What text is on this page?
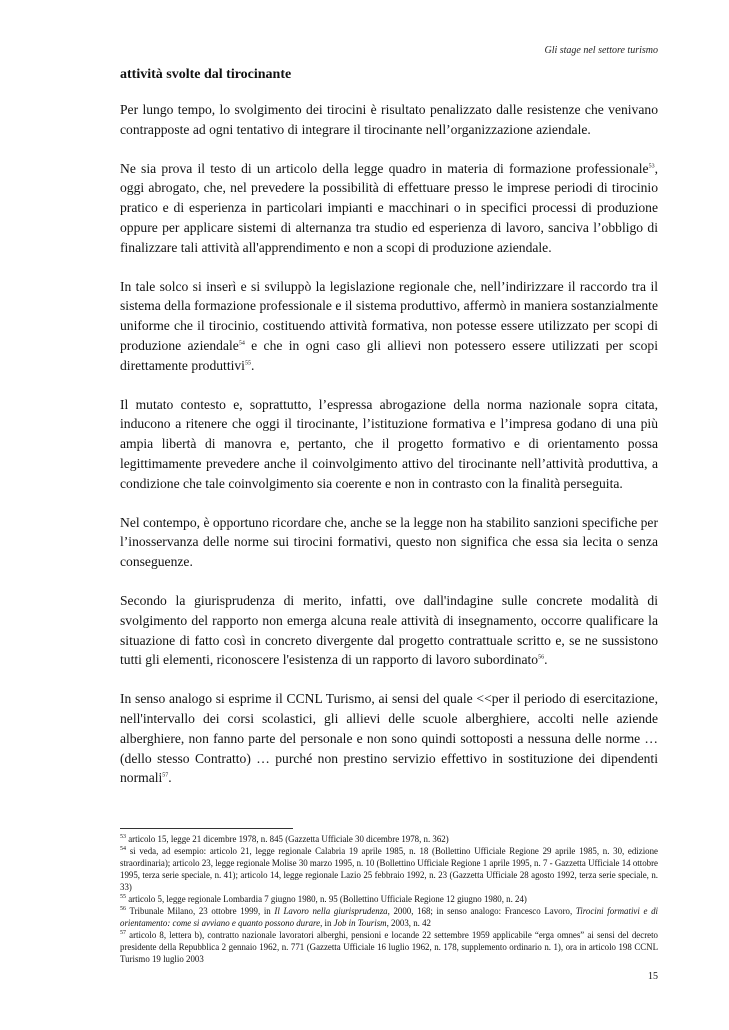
Gli stage nel settore turismo
attività svolte dal tirocinante
Per lungo tempo, lo svolgimento dei tirocini è risultato penalizzato dalle resistenze che venivano contrapposte ad ogni tentativo di integrare il tirocinante nell’organizzazione aziendale.
Ne sia prova il testo di un articolo della legge quadro in materia di formazione professionale$^{53}$, oggi abrogato, che, nel prevedere la possibilità di effettuare presso le imprese periodi di tirocinio pratico e di esperienza in particolari impianti e macchinari o in specifici processi di produzione oppure per applicare sistemi di alternanza tra studio ed esperienza di lavoro, sanciva l’obbligo di finalizzare tali attività all'apprendimento e non a scopi di produzione aziendale.
In tale solco si inserì e si sviluppò la legislazione regionale che, nell’indirizzare il raccordo tra il sistema della formazione professionale e il sistema produttivo, affermò in maniera sostanzialmente uniforme che il tirocinio, costituendo attività formativa, non potesse essere utilizzato per scopi di produzione aziendale$^{54}$ e che in ogni caso gli allievi non potessero essere utilizzati per scopi direttamente produttivi$^{55}$.
Il mutato contesto e, soprattutto, l’espressa abrogazione della norma nazionale sopra citata, inducono a ritenere che oggi il tirocinante, l’istituzione formativa e l’impresa godano di una più ampia libertà di manovra e, pertanto, che il progetto formativo e di orientamento possa legittimamente prevedere anche il coinvolgimento attivo del tirocinante nell’attività produttiva, a condizione che tale coinvolgimento sia coerente e non in contrasto con la finalità perseguita.
Nel contempo, è opportuno ricordare che, anche se la legge non ha stabilito sanzioni specifiche per l’inosservanza delle norme sui tirocini formativi, questo non significa che essa sia lecita o senza conseguenze.
Secondo la giurisprudenza di merito, infatti, ove dall'indagine sulle concrete modalità di svolgimento del rapporto non emerga alcuna reale attività di insegnamento, occorre qualificare la situazione di fatto così in concreto divergente dal progetto contrattuale scritto e, se ne sussistono tutti gli elementi, riconoscere l'esistenza di un rapporto di lavoro subordinato$^{56}$.
In senso analogo si esprime il CCNL Turismo, ai sensi del quale <<per il periodo di esercitazione, nell'intervallo dei corsi scolastici, gli allievi delle scuole alberghiere, accolti nelle aziende alberghiere, non fanno parte del personale e non sono quindi sottoposti a nessuna delle norme … (dello stesso Contratto) … purché non prestino servizio effettivo in sostituzione dei dipendenti normali$^{57}$.
$^{53}$ articolo 15, legge 21 dicembre 1978, n. 845 (Gazzetta Ufficiale 30 dicembre 1978, n. 362)
$^{54}$ si veda, ad esempio: articolo 21, legge regionale Calabria 19 aprile 1985, n. 18 (Bollettino Ufficiale Regione 29 aprile 1985, n. 30, edizione straordinaria); articolo 23, legge regionale Molise 30 marzo 1995, n. 10 (Bollettino Ufficiale Regione 1 aprile 1995, n. 7 - Gazzetta Ufficiale 14 ottobre 1995, terza serie speciale, n. 41); articolo 14, legge regionale Lazio 25 febbraio 1992, n. 23 (Gazzetta Ufficiale 28 agosto 1992, terza serie speciale, n. 33)
$^{55}$ articolo 5, legge regionale Lombardia 7 giugno 1980, n. 95 (Bollettino Ufficiale Regione 12 giugno 1980, n. 24)
$^{56}$ Tribunale Milano, 23 ottobre 1999, in Il Lavoro nella giurisprudenza, 2000, 168; in senso analogo: Francesco Lavoro, Tirocini formativi e di orientamento: come si avviano e quanto possono durare, in Job in Tourism, 2003, n. 42
$^{57}$ articolo 8, lettera b), contratto nazionale lavoratori alberghi, pensioni e locande 22 settembre 1959 applicabile “erga omnes” ai sensi del decreto presidente della Repubblica 2 gennaio 1962, n. 771 (Gazzetta Ufficiale 16 luglio 1962, n. 178, supplemento ordinario n. 1), ora in articolo 198 CCNL Turismo 19 luglio 2003
15
